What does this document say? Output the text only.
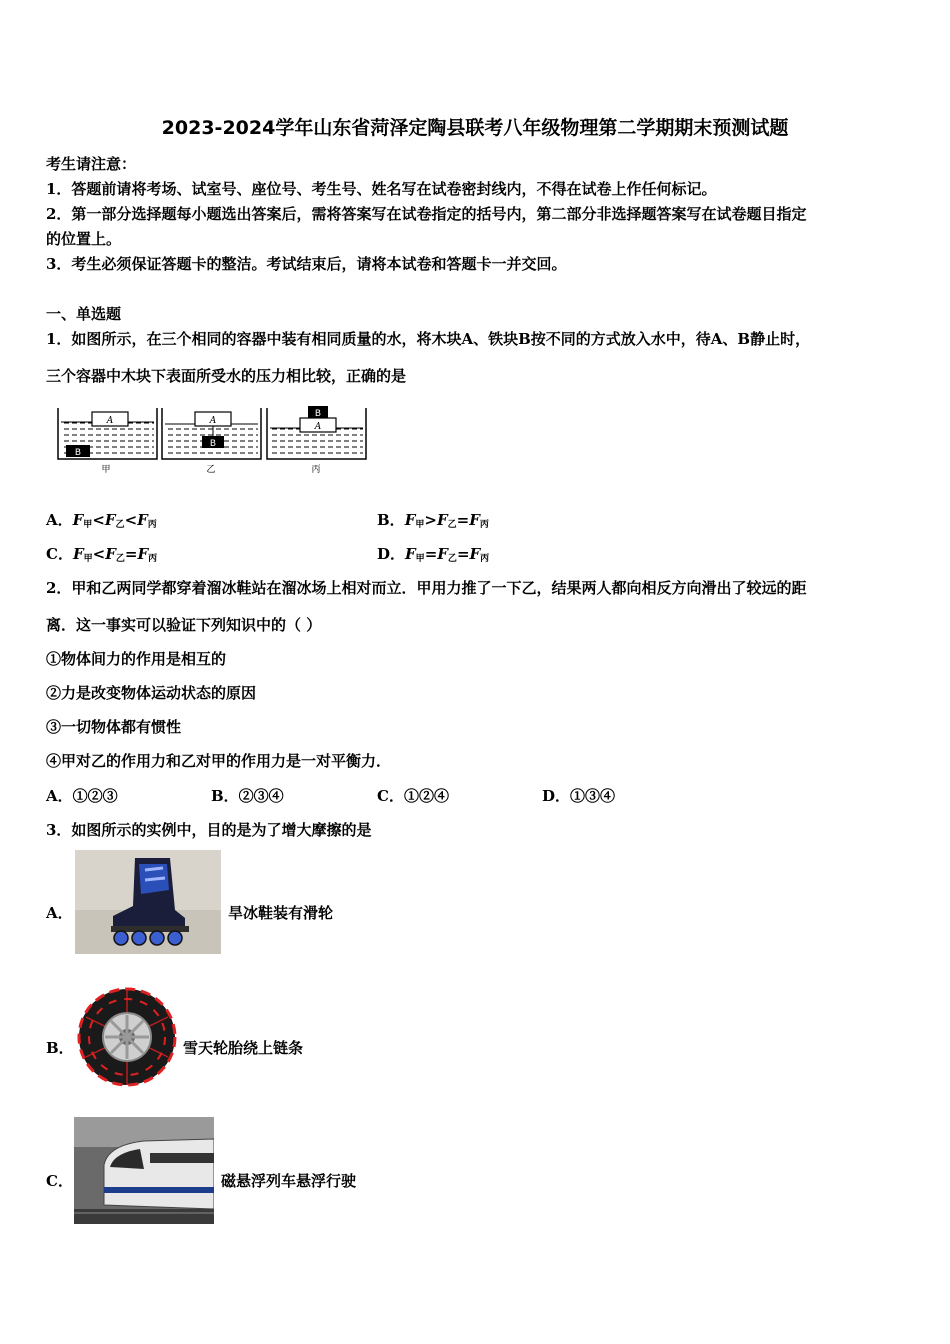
2023-2024学年山东省菏泽定陶县联考八年级物理第二学期期末预测试题
考生请注意：
1．答题前请将考场、试室号、座位号、考生号、姓名写在试卷密封线内，不得在试卷上作任何标记。
2．第一部分选择题每小题选出答案后，需将答案写在试卷指定的括号内，第二部分非选择题答案写在试卷题目指定
的位置上。
3．考生必须保证答题卡的整洁。考试结束后，请将本试卷和答题卡一并交回。
一、单选题
1．如图所示，在三个相同的容器中装有相同质量的水，将木块A、铁块B按不同的方式放入水中，待A、B静止时，
三个容器中木块下表面所受水的压力相比较，正确的是
A
B
甲
A
B
乙
A
B
丙
A．$F_甲<F_乙<F_丙$	B．$F_甲>F_乙=F_丙$
C．$F_甲<F_乙=F_丙$	D．$F_甲=F_乙=F_丙$
2．甲和乙两同学都穿着溜冰鞋站在溜冰场上相对而立．甲用力推了一下乙，结果两人都向相反方向滑出了较远的距
离．这一事实可以验证下列知识中的（ ）
①物体间力的作用是相互的
②力是改变物体运动状态的原因
③一切物体都有惯性
④甲对乙的作用力和乙对甲的作用力是一对平衡力．
A．①②③	B．②③④	C．①②④	D．①③④
3．如图所示的实例中，目的是为了增大摩擦的是
A．	旱冰鞋装有滑轮
B．	雪天轮胎绕上链条
C．	磁悬浮列车悬浮行驶
